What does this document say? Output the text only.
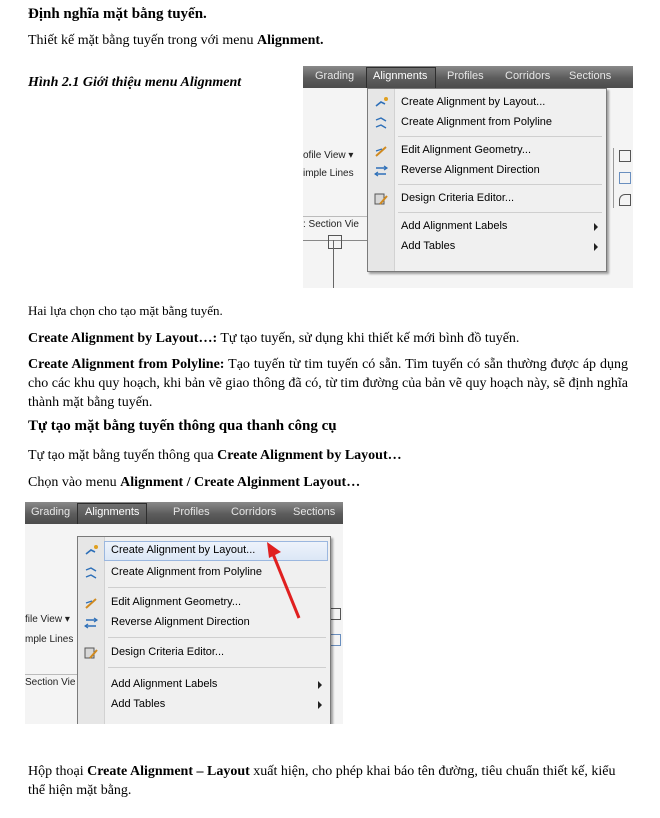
Định nghĩa mặt bằng tuyến.

Thiết kế mặt bằng tuyến trong với menu Alignment.

Hình 2.1 Giới thiệu menu Alignment	Grading Alignments Profiles Corridors Sections
ofile View ▾
imple Lines
: Section Vie
Create Alignment by Layout...
Create Alignment from Polyline
Edit Alignment Geometry...
Reverse Alignment Direction
Design Criteria Editor...
Add Alignment Labels
Add Tables

Hai lựa chọn cho tạo mặt bằng tuyến.

Create Alignment by Layout…: Tự tạo tuyến, sử dụng khi thiết kế mới bình đồ tuyến.

Create Alignment from Polyline: Tạo tuyến từ tim tuyến có sẵn. Tim tuyến có sẵn thường được áp dụng cho các khu quy hoạch, khi bản vẽ giao thông đã có, từ tim đường của bản vẽ quy hoạch này, sẽ định nghĩa thành mặt bằng tuyến.

Tự tạo mặt bằng tuyến thông qua thanh công cụ

Tự tạo mặt bằng tuyến thông qua Create Alignment by Layout…

Chọn vào menu Alignment / Create Alginment Layout…

Grading Alignments	Profiles Corridors Sections
file View ▾
mple Lines
Section Vie
Create Alignment by Layout...
Create Alignment from Polyline
Edit Alignment Geometry...
Reverse Alignment Direction
Design Criteria Editor...
Add Alignment Labels
Add Tables

Hộp thoại Create Alignment – Layout xuất hiện, cho phép khai báo tên đường, tiêu chuẩn thiết kế, kiểu thể hiện mặt bằng.
